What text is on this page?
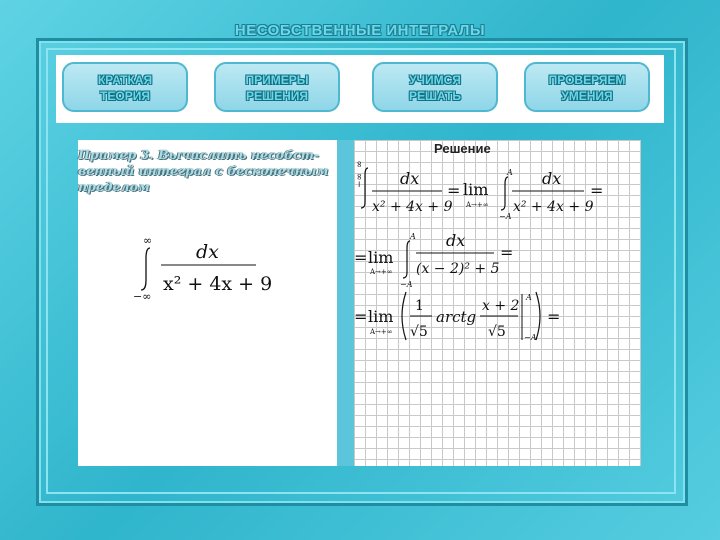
НЕСОБСТВЕННЫЕ ИНТЕГРАЛЫ
КРАТКАЯ
ТЕОРИЯ
ПРИМЕРЫ
РЕШЕНИЯ
УЧИМСЯ
РЕШАТЬ
ПРОВЕРЯЕМ
УМЕНИЯ
Пример 3. Вычислить несобст-
венный интеграл с бесконечным
пределом
∞
−∞
dx
x² + 4x + 9
Решение
−∞
∞
dx
x² + 4x + 9
= lim
A→+∞
A
−A
dx
x² + 4x + 9
=
= lim
A→+∞
A
−A
dx
(x − 2)² + 5
=
= lim
A→+∞
1
√5
arctg
x + 2
√5
A
−A
=
